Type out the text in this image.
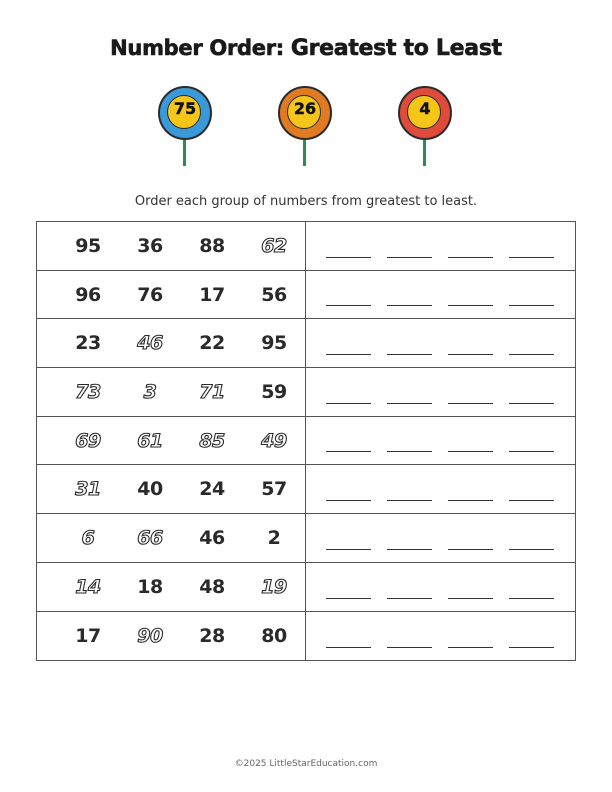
Number Order: Greatest to Least
75	26	4
Order each group of numbers from greatest to least.
95	36	88	62
96	76	17	56
23	46	22	95
73	3	71	59
69	61	85	49
31	40	24	57
6	66	46	2
14	18	48	19
17	90	28	80
©2025 LittleStarEducation.com
